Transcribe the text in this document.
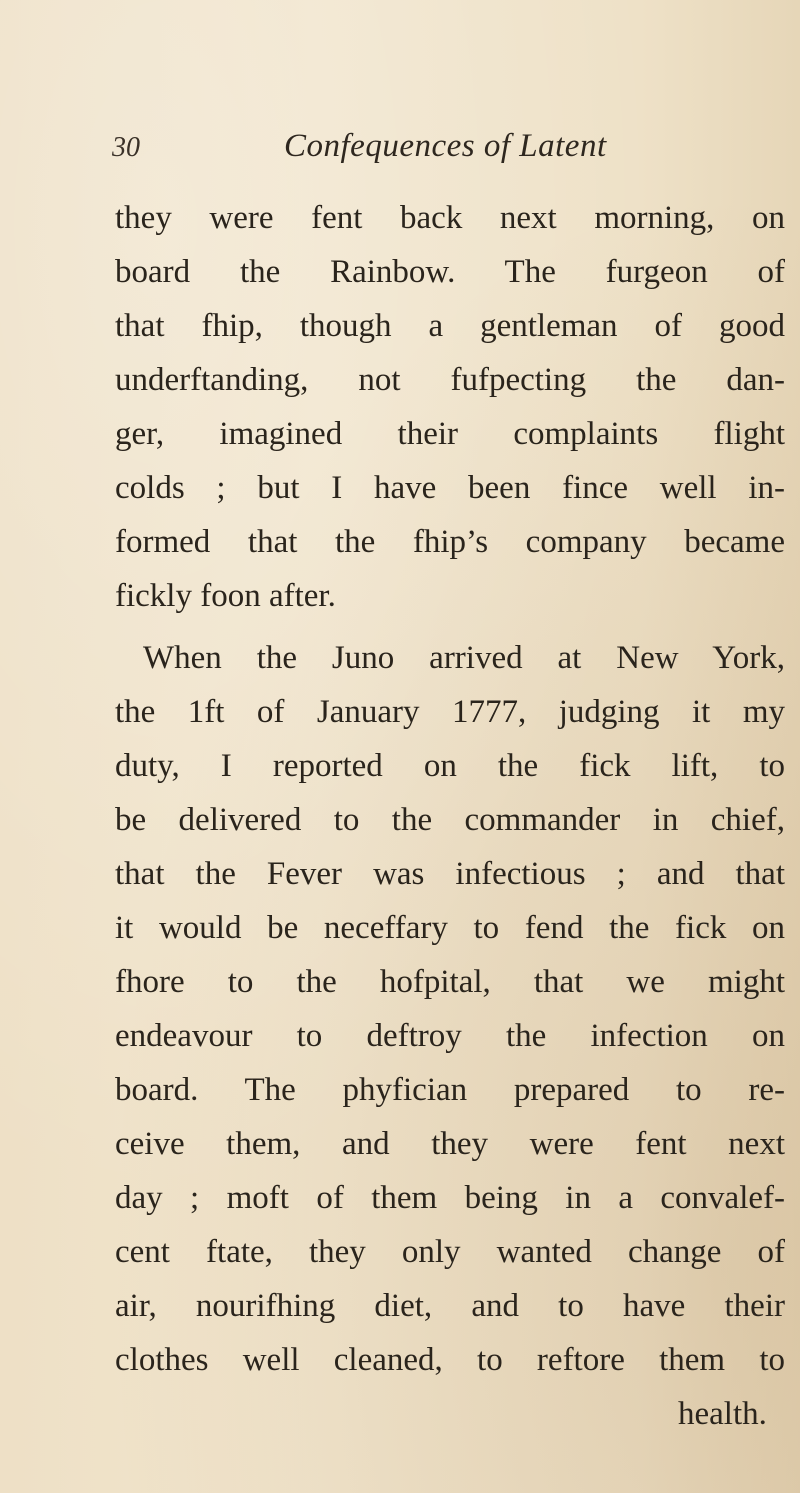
30	Confequences of Latent
they were fent back next morning, on
board the Rainbow. The furgeon of
that fhip, though a gentleman of good
underftanding, not fufpecting the dan-
ger, imagined their complaints flight
colds ; but I have been fince well in-
formed that the fhip’s company became
fickly foon after.
When the Juno arrived at New York,
the 1ft of January 1777, judging it my
duty, I reported on the fick lift, to
be delivered to the commander in chief,
that the Fever was infectious ; and that
it would be neceffary to fend the fick on
fhore to the hofpital, that we might
endeavour to deftroy the infection on
board. The phyfician prepared to re-
ceive them, and they were fent next
day ; moft of them being in a convalef-
cent ftate, they only wanted change of
air, nourifhing diet, and to have their
clothes well cleaned, to reftore them to
health.
